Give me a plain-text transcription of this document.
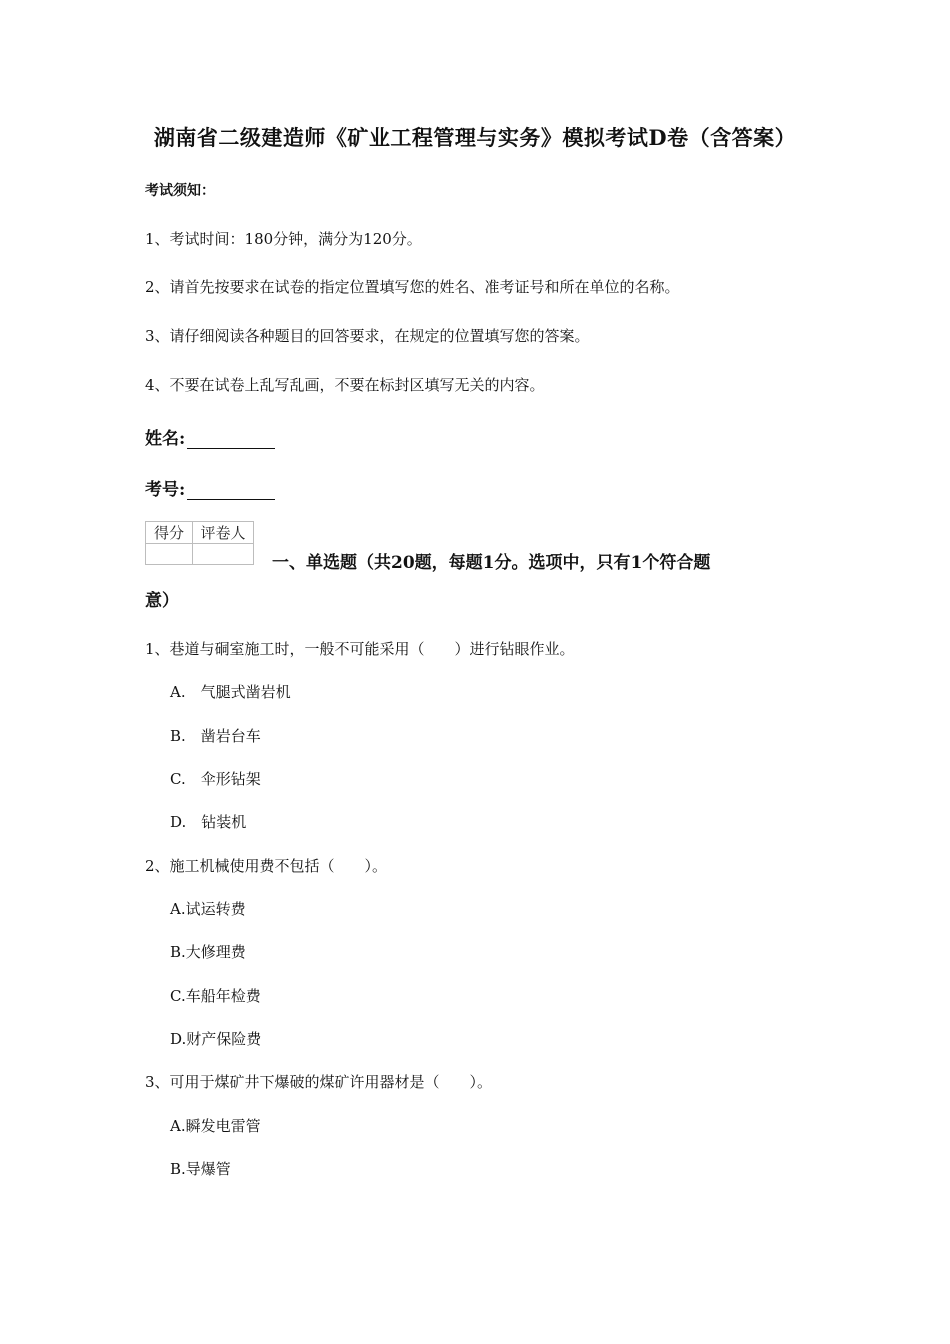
湖南省二级建造师《矿业工程管理与实务》模拟考试D卷（含答案）
考试须知：
1、考试时间：180分钟，满分为120分。
2、请首先按要求在试卷的指定位置填写您的姓名、准考证号和所在单位的名称。
3、请仔细阅读各种题目的回答要求，在规定的位置填写您的答案。
4、不要在试卷上乱写乱画，不要在标封区填写无关的内容。
姓名:
考号:
得分	评卷人

一、单选题（共20题，每题1分。选项中，只有1个符合题
意）
1、巷道与硐室施工时，一般不可能采用（　　）进行钻眼作业。
A.　气腿式凿岩机
B.　凿岩台车
C.　伞形钻架
D.　钻装机
2、施工机械使用费不包括（　　）。
A.试运转费
B.大修理费
C.车船年检费
D.财产保险费
3、可用于煤矿井下爆破的煤矿许用器材是（　　）。
A.瞬发电雷管
B.导爆管
